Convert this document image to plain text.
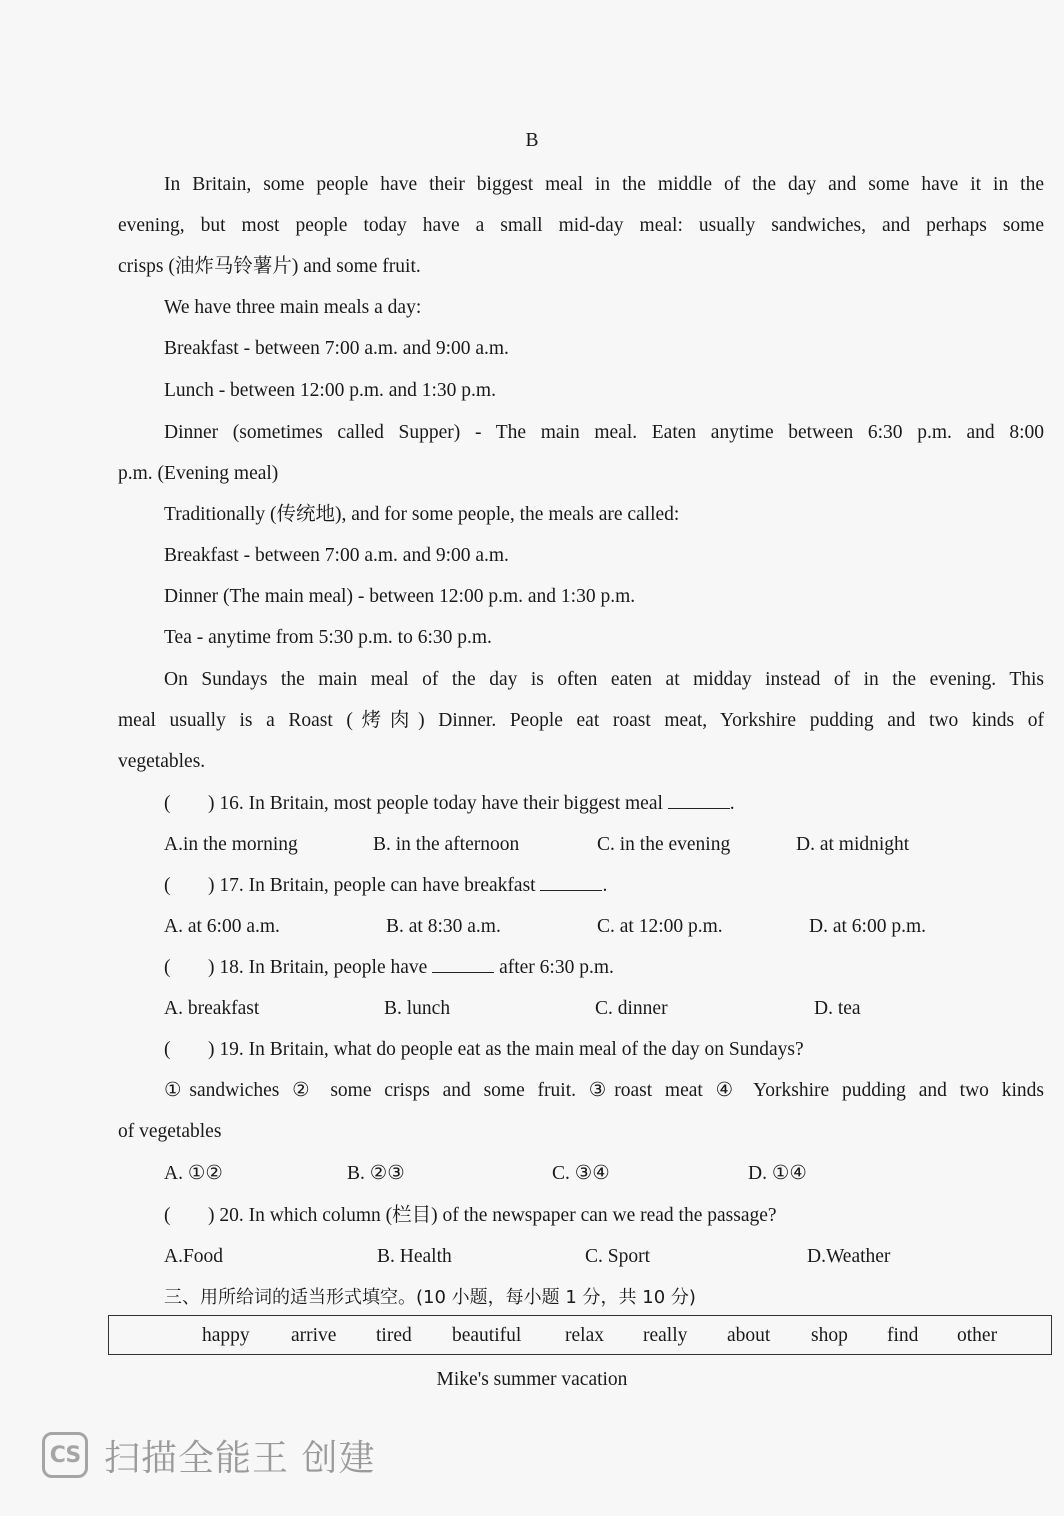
B
In Britain, some people have their biggest meal in the middle of the day and some have it in the
evening, but most people today have a small mid-day meal: usually sandwiches, and perhaps some
crisps (油炸马铃薯片) and some fruit.
We have three main meals a day:
Breakfast - between 7:00 a.m. and 9:00 a.m.
Lunch - between 12:00 p.m. and 1:30 p.m.
Dinner (sometimes called Supper) - The main meal. Eaten anytime between 6:30 p.m. and 8:00
p.m. (Evening meal)
Traditionally (传统地), and for some people, the meals are called:
Breakfast - between 7:00 a.m. and 9:00 a.m.
Dinner (The main meal) - between 12:00 p.m. and 1:30 p.m.
Tea - anytime from 5:30 p.m. to 6:30 p.m.
On Sundays the main meal of the day is often eaten at midday instead of in the evening. This
meal usually is a Roast (烤肉) Dinner. People eat roast meat, Yorkshire pudding and two kinds of
vegetables.
( ) 16. In Britain, most people today have their biggest meal	.
A.in the morning	B. in the afternoon	C. in the evening	D. at midnight
( ) 17. In Britain, people can have breakfast	.
A. at 6:00 a.m.	B. at 8:30 a.m.	C. at 12:00 p.m.	D. at 6:00 p.m.
( ) 18. In Britain, people have	after 6:30 p.m.
A. breakfast	B. lunch	C. dinner	D. tea
( ) 19. In Britain, what do people eat as the main meal of the day on Sundays?
①sandwiches ② some crisps and some fruit. ③roast meat ④ Yorkshire pudding and two kinds
of vegetables
A. ①②	B. ②③	C. ③④	D. ①④
( ) 20. In which column (栏目) of the newspaper can we read the passage?
A.Food	B. Health	C. Sport	D.Weather
三、用所给词的适当形式填空。(10 小题，每小题 1 分，共 10 分)
happy arrive tired beautiful relax really about shop find other
Mike's summer vacation
CS 扫描全能王 创建
